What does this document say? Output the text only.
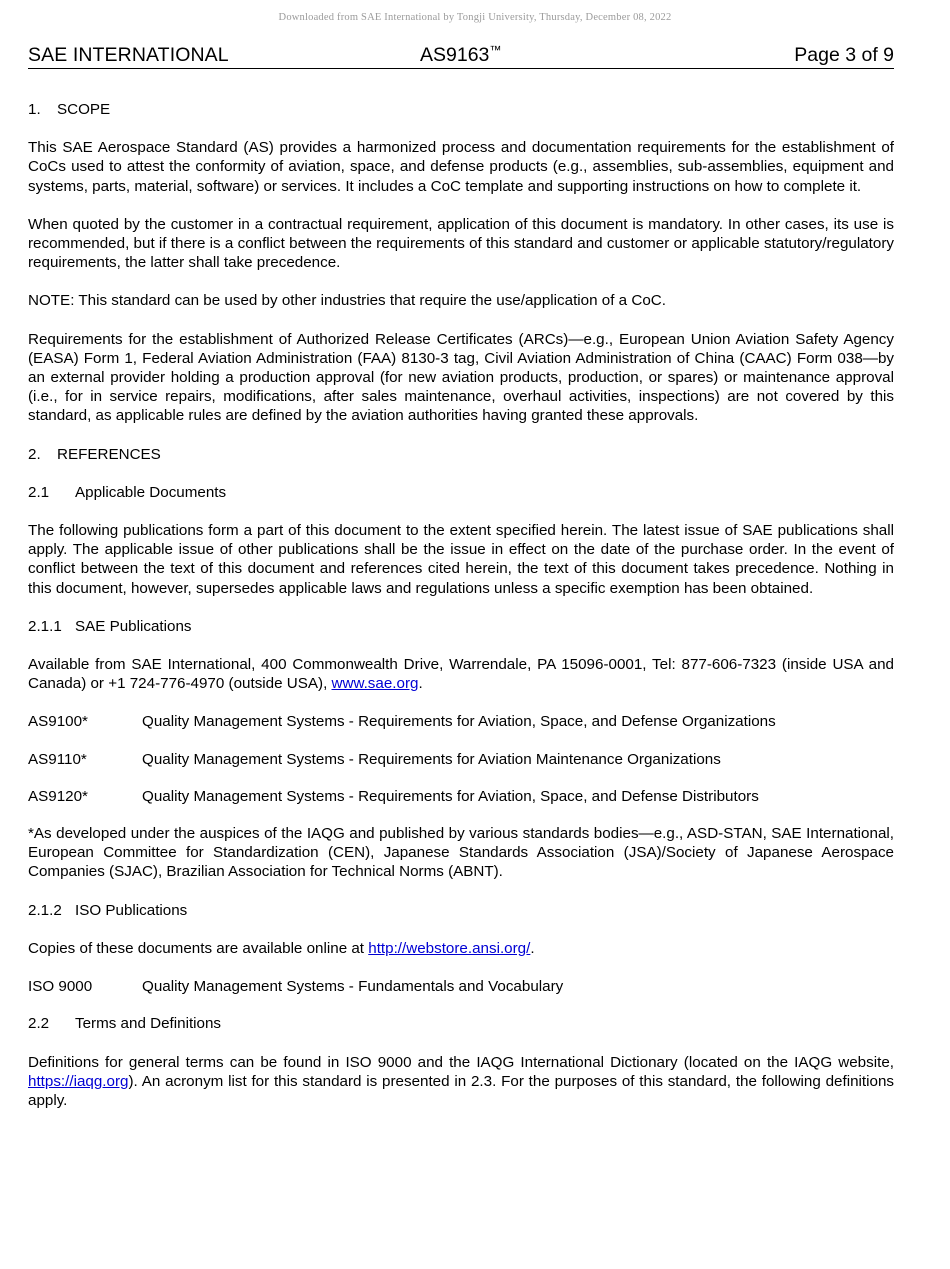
Downloaded from SAE International by Tongji University, Thursday, December 08, 2022
SAE INTERNATIONAL	AS9163™	Page 3 of 9
1.	SCOPE

This SAE Aerospace Standard (AS) provides a harmonized process and documentation requirements for the establishment of CoCs used to attest the conformity of aviation, space, and defense products (e.g., assemblies, sub-assemblies, equipment and systems, parts, material, software) or services. It includes a CoC template and supporting instructions on how to complete it.

When quoted by the customer in a contractual requirement, application of this document is mandatory. In other cases, its use is recommended, but if there is a conflict between the requirements of this standard and customer or applicable statutory/regulatory requirements, the latter shall take precedence.

NOTE: This standard can be used by other industries that require the use/application of a CoC.

Requirements for the establishment of Authorized Release Certificates (ARCs)—e.g., European Union Aviation Safety Agency (EASA) Form 1, Federal Aviation Administration (FAA) 8130-3 tag, Civil Aviation Administration of China (CAAC) Form 038—by an external provider holding a production approval (for new aviation products, production, or spares) or maintenance approval (i.e., for in service repairs, modifications, after sales maintenance, overhaul activities, inspections) are not covered by this standard, as applicable rules are defined by the aviation authorities having granted these approvals.

2.	REFERENCES
2.1	Applicable Documents

The following publications form a part of this document to the extent specified herein. The latest issue of SAE publications shall apply. The applicable issue of other publications shall be the issue in effect on the date of the purchase order. In the event of conflict between the text of this document and references cited herein, the text of this document takes precedence. Nothing in this document, however, supersedes applicable laws and regulations unless a specific exemption has been obtained.

2.1.1 SAE Publications

Available from SAE International, 400 Commonwealth Drive, Warrendale, PA 15096-0001, Tel: 877-606-7323 (inside USA and Canada) or +1 724-776-4970 (outside USA), www.sae.org.

AS9100*	Quality Management Systems - Requirements for Aviation, Space, and Defense Organizations
AS9110*	Quality Management Systems - Requirements for Aviation Maintenance Organizations
AS9120*	Quality Management Systems - Requirements for Aviation, Space, and Defense Distributors

*As developed under the auspices of the IAQG and published by various standards bodies—e.g., ASD-STAN, SAE International, European Committee for Standardization (CEN), Japanese Standards Association (JSA)/Society of Japanese Aerospace Companies (SJAC), Brazilian Association for Technical Norms (ABNT).

2.1.2 ISO Publications

Copies of these documents are available online at http://webstore.ansi.org/.

ISO 9000	Quality Management Systems - Fundamentals and Vocabulary
2.2	Terms and Definitions

Definitions for general terms can be found in ISO 9000 and the IAQG International Dictionary (located on the IAQG website, https://iaqg.org). An acronym list for this standard is presented in 2.3. For the purposes of this standard, the following definitions apply.
